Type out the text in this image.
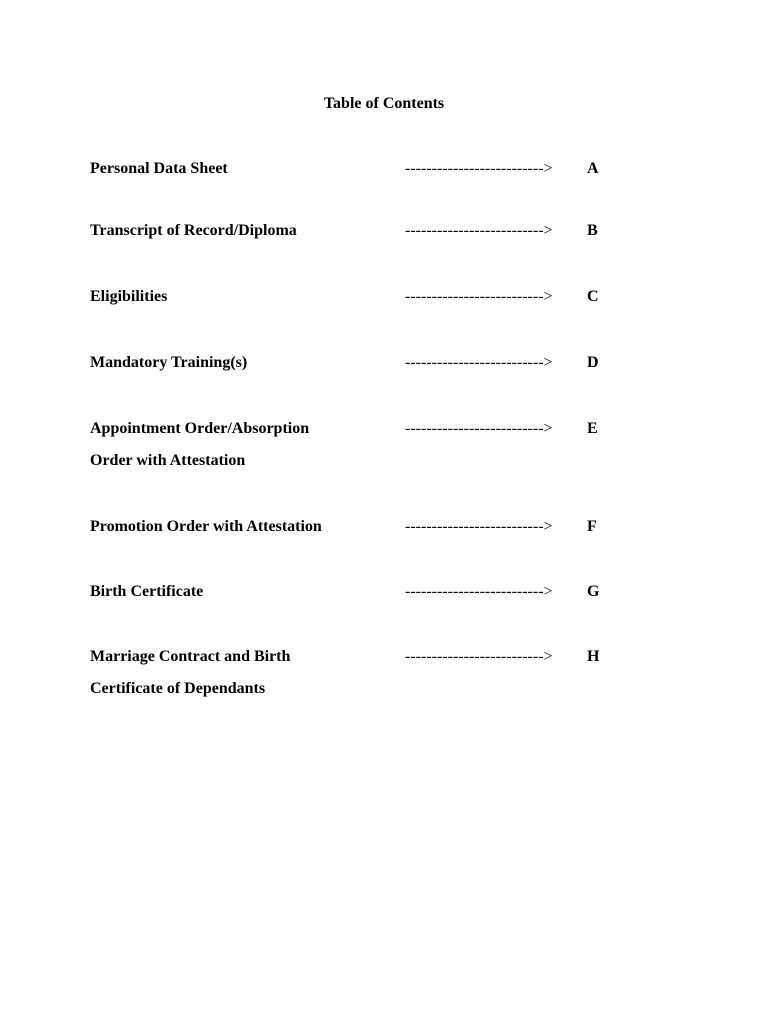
Table of Contents
Personal Data Sheet	--------------------------> A
Transcript of Record/Diploma	--------------------------> B
Eligibilities	--------------------------> C
Mandatory Training(s)	--------------------------> D
Appointment Order/Absorption
Order with Attestation
--------------------------> E
Promotion Order with Attestation	--------------------------> F
Birth Certificate	--------------------------> G
Marriage Contract and Birth
Certificate of Dependants
--------------------------> H
